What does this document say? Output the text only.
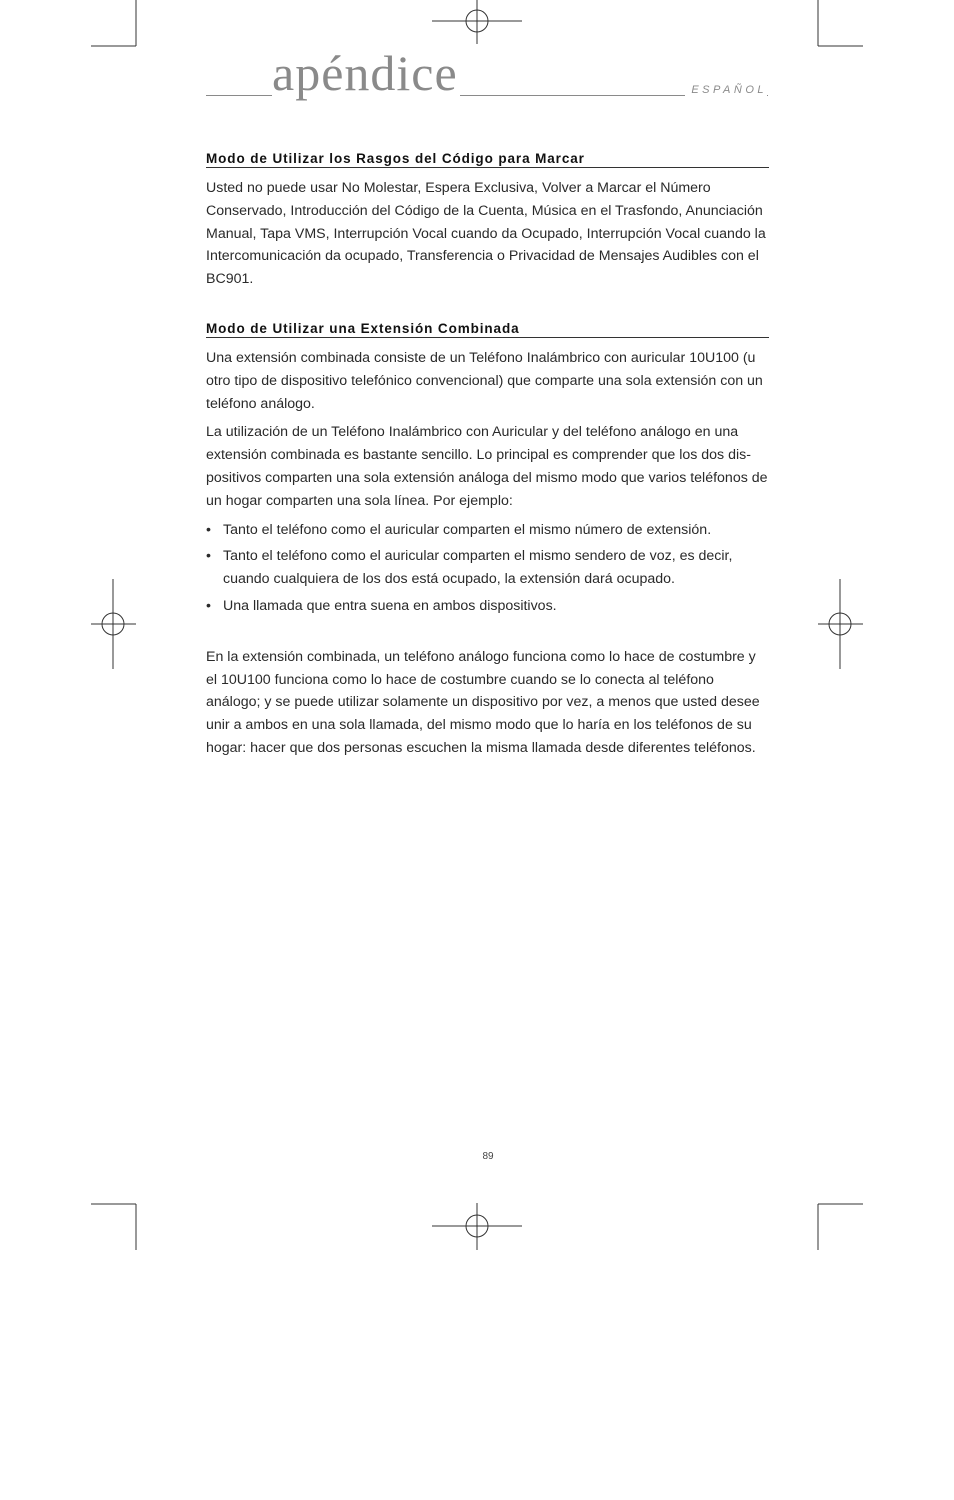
apéndice	ESPAÑOL
Modo de Utilizar los Rasgos del Código para Marcar

Usted no puede usar No Molestar, Espera Exclusiva, Volver a Marcar el Número Conservado, Introducción del Código de la Cuenta, Música en el Trasfondo, Anunciación Manual, Tapa VMS, Interrupción Vocal cuando da Ocupado, Interrupción Vocal cuando la Intercomunicación da ocupado, Transferencia o Privacidad de Mensajes Audibles con el BC901.

Modo de Utilizar una Extensión Combinada

Una extensión combinada consiste de un Teléfono Inalámbrico con auricular 10U100 (u otro tipo de dispositivo telefónico convencional) que comparte una sola extensión con un teléfono análogo.

La utilización de un Teléfono Inalámbrico con Auricular y del teléfono análogo en una extensión combinada es bastante sencillo. Lo principal es comprender que los dos dis-positivos comparten una sola extensión análoga del mismo modo que varios teléfonos de un hogar comparten una sola línea. Por ejemplo:

• Tanto el teléfono como el auricular comparten el mismo número de extensión.
• Tanto el teléfono como el auricular comparten el mismo sendero de voz, es decir, cuando cualquiera de los dos está ocupado, la extensión dará ocupado.
• Una llamada que entra suena en ambos dispositivos.

En la extensión combinada, un teléfono análogo funciona como lo hace de costumbre y el 10U100 funciona como lo hace de costumbre cuando se lo conecta al teléfono análogo; y se puede utilizar solamente un dispositivo por vez, a menos que usted desee unir a ambos en una sola llamada, del mismo modo que lo haría en los teléfonos de su hogar: hacer que dos personas escuchen la misma llamada desde diferentes teléfonos.

89
